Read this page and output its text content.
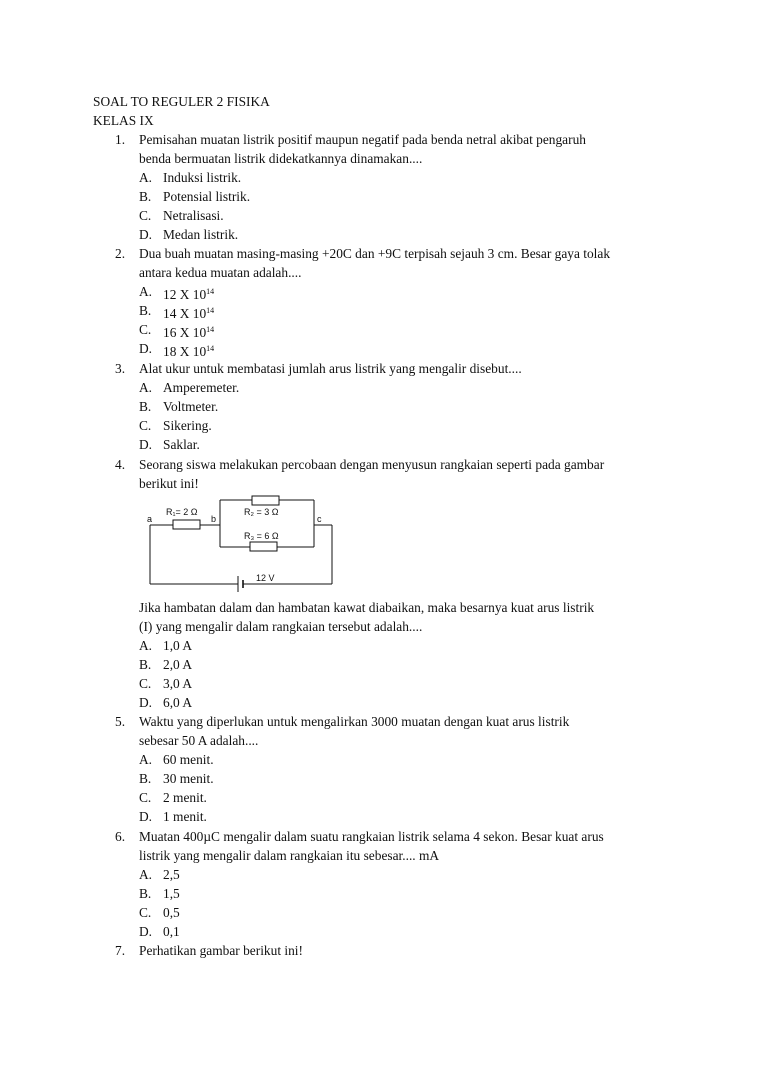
SOAL TO REGULER 2 FISIKA
KELAS IX
1. Pemisahan muatan listrik positif maupun negatif pada benda netral akibat pengaruh
benda bermuatan listrik didekatkannya dinamakan....
A. Induksi listrik.
B. Potensial listrik.
C. Netralisasi.
D. Medan listrik.
2. Dua buah muatan masing-masing +20C dan +9C terpisah sejauh 3 cm. Besar gaya tolak
antara kedua muatan adalah....
A. 12 X $10^{14}$
B. 14 X $10^{14}$
C. 16 X $10^{14}$
D. 18 X $10^{14}$
3. Alat ukur untuk membatasi jumlah arus listrik yang mengalir disebut....
A. Amperemeter.
B. Voltmeter.
C. Sikering.
D. Saklar.
4. Seorang siswa melakukan percobaan dengan menyusun rangkaian seperti pada gambar
berikut ini!
a	b	c
R₁= 2 Ω	R₂ = 3 Ω
R₃ = 6 Ω
12 V
Jika hambatan dalam dan hambatan kawat diabaikan, maka besarnya kuat arus listrik
(I) yang mengalir dalam rangkaian tersebut adalah....
A. 1,0 A
B. 2,0 A
C. 3,0 A
D. 6,0 A
5. Waktu yang diperlukan untuk mengalirkan 3000 muatan dengan kuat arus listrik
sebesar 50 A adalah....
A. 60 menit.
B. 30 menit.
C. 2 menit.
D. 1 menit.
6. Muatan 400µC mengalir dalam suatu rangkaian listrik selama 4 sekon. Besar kuat arus
listrik yang mengalir dalam rangkaian itu sebesar.... mA
A. 2,5
B. 1,5
C. 0,5
D. 0,1
7. Perhatikan gambar berikut ini!
